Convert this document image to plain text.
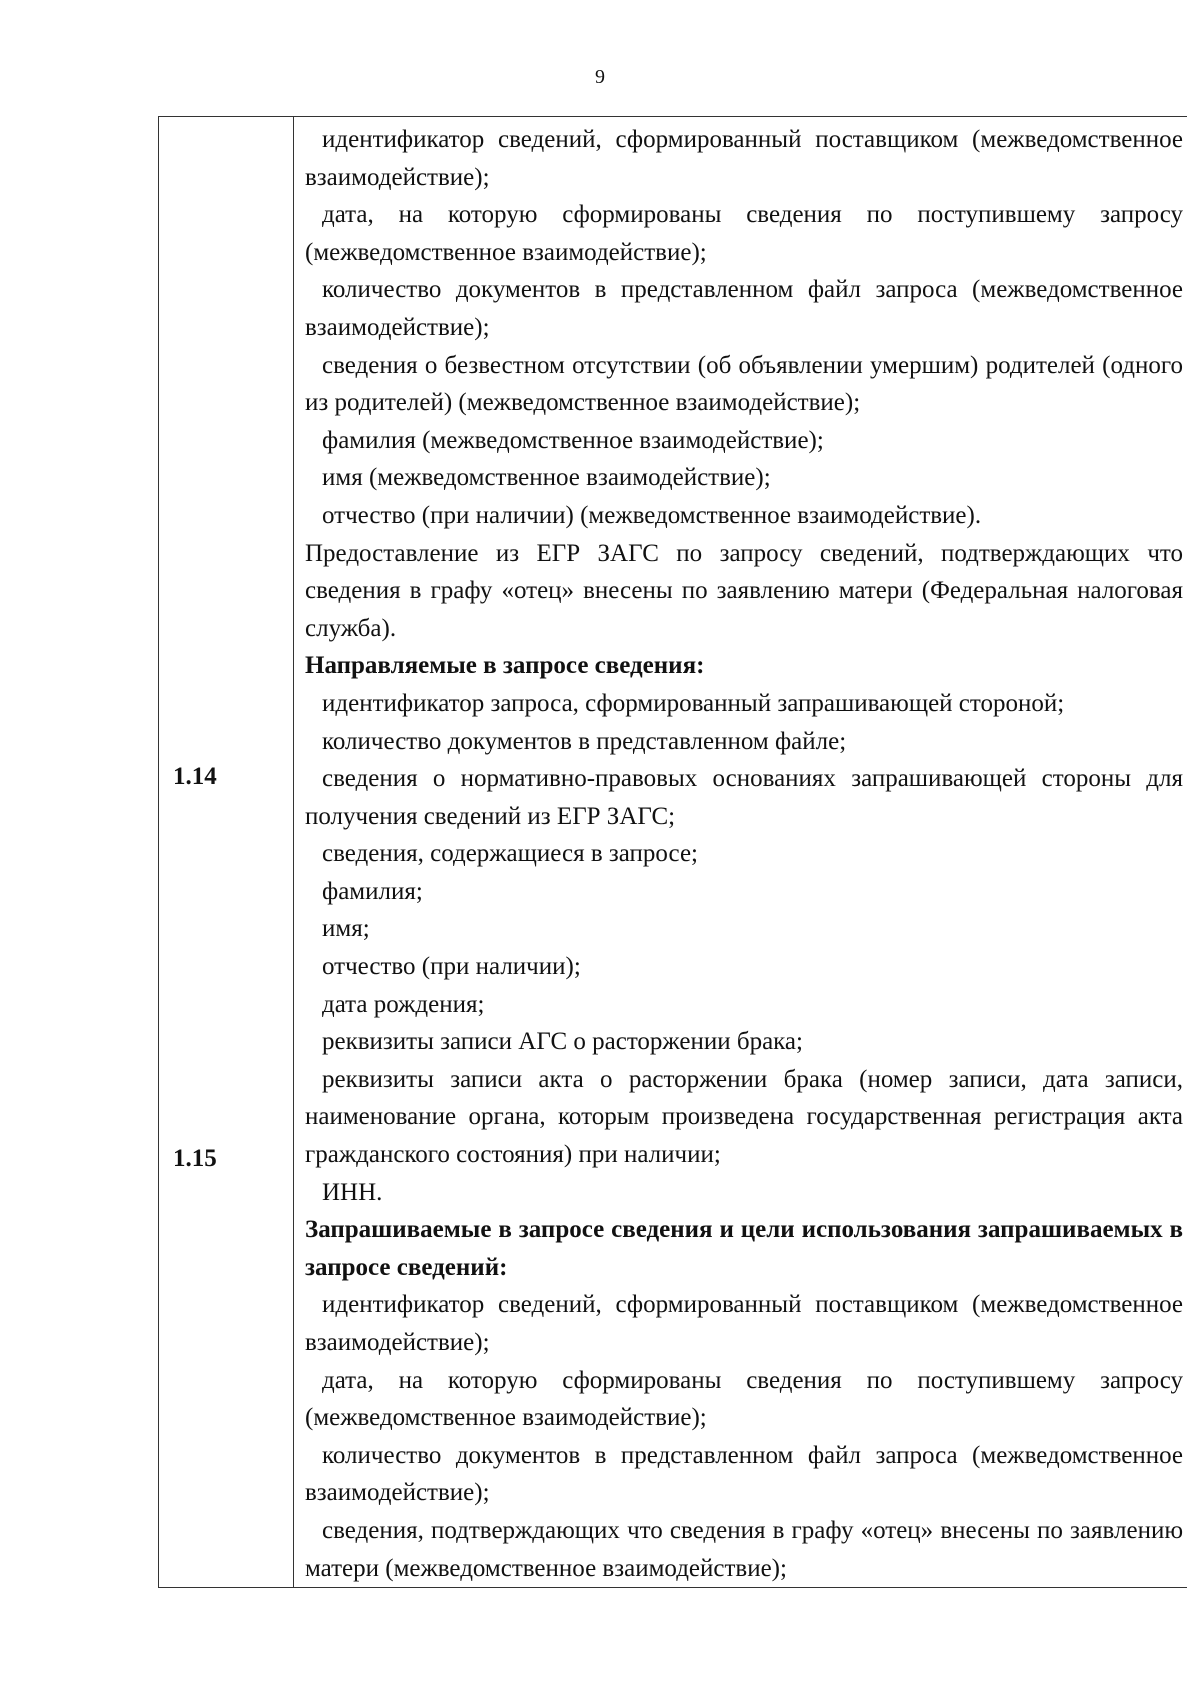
9
1.14
1.15

идентификатор сведений, сформированный поставщиком (межведомственное взаимодействие);

дата, на которую сформированы сведения по поступившему запросу (межведомственное взаимодействие);

количество документов в представленном файл запроса (межведомственное взаимодействие);

сведения о безвестном отсутствии (об объявлении умершим) родителей (одного из родителей) (межведомственное взаимодействие);

фамилия (межведомственное взаимодействие);

имя (межведомственное взаимодействие);

отчество (при наличии) (межведомственное взаимодействие).

Предоставление из ЕГР ЗАГС по запросу сведений, подтверждающих что сведения в графу «отец» внесены по заявлению матери (Федеральная налоговая служба).

Направляемые в запросе сведения:

идентификатор запроса, сформированный запрашивающей стороной;

количество документов в представленном файле;

сведения о нормативно-правовых основаниях запрашивающей стороны для получения сведений из ЕГР ЗАГС;

сведения, содержащиеся в запросе;

фамилия;

имя;

отчество (при наличии);

дата рождения;

реквизиты записи АГС о расторжении брака;

реквизиты записи акта о расторжении брака (номер записи, дата записи, наименование органа, которым произведена государственная регистрация акта гражданского состояния) при наличии;

ИНН.

Запрашиваемые в запросе сведения и цели использования запрашиваемых в запросе сведений:

идентификатор сведений, сформированный поставщиком (межведомственное взаимодействие);

дата, на которую сформированы сведения по поступившему запросу (межведомственное взаимодействие);

количество документов в представленном файл запроса (межведомственное взаимодействие);

сведения, подтверждающих что сведения в графу «отец» внесены по заявлению матери (межведомственное взаимодействие);
